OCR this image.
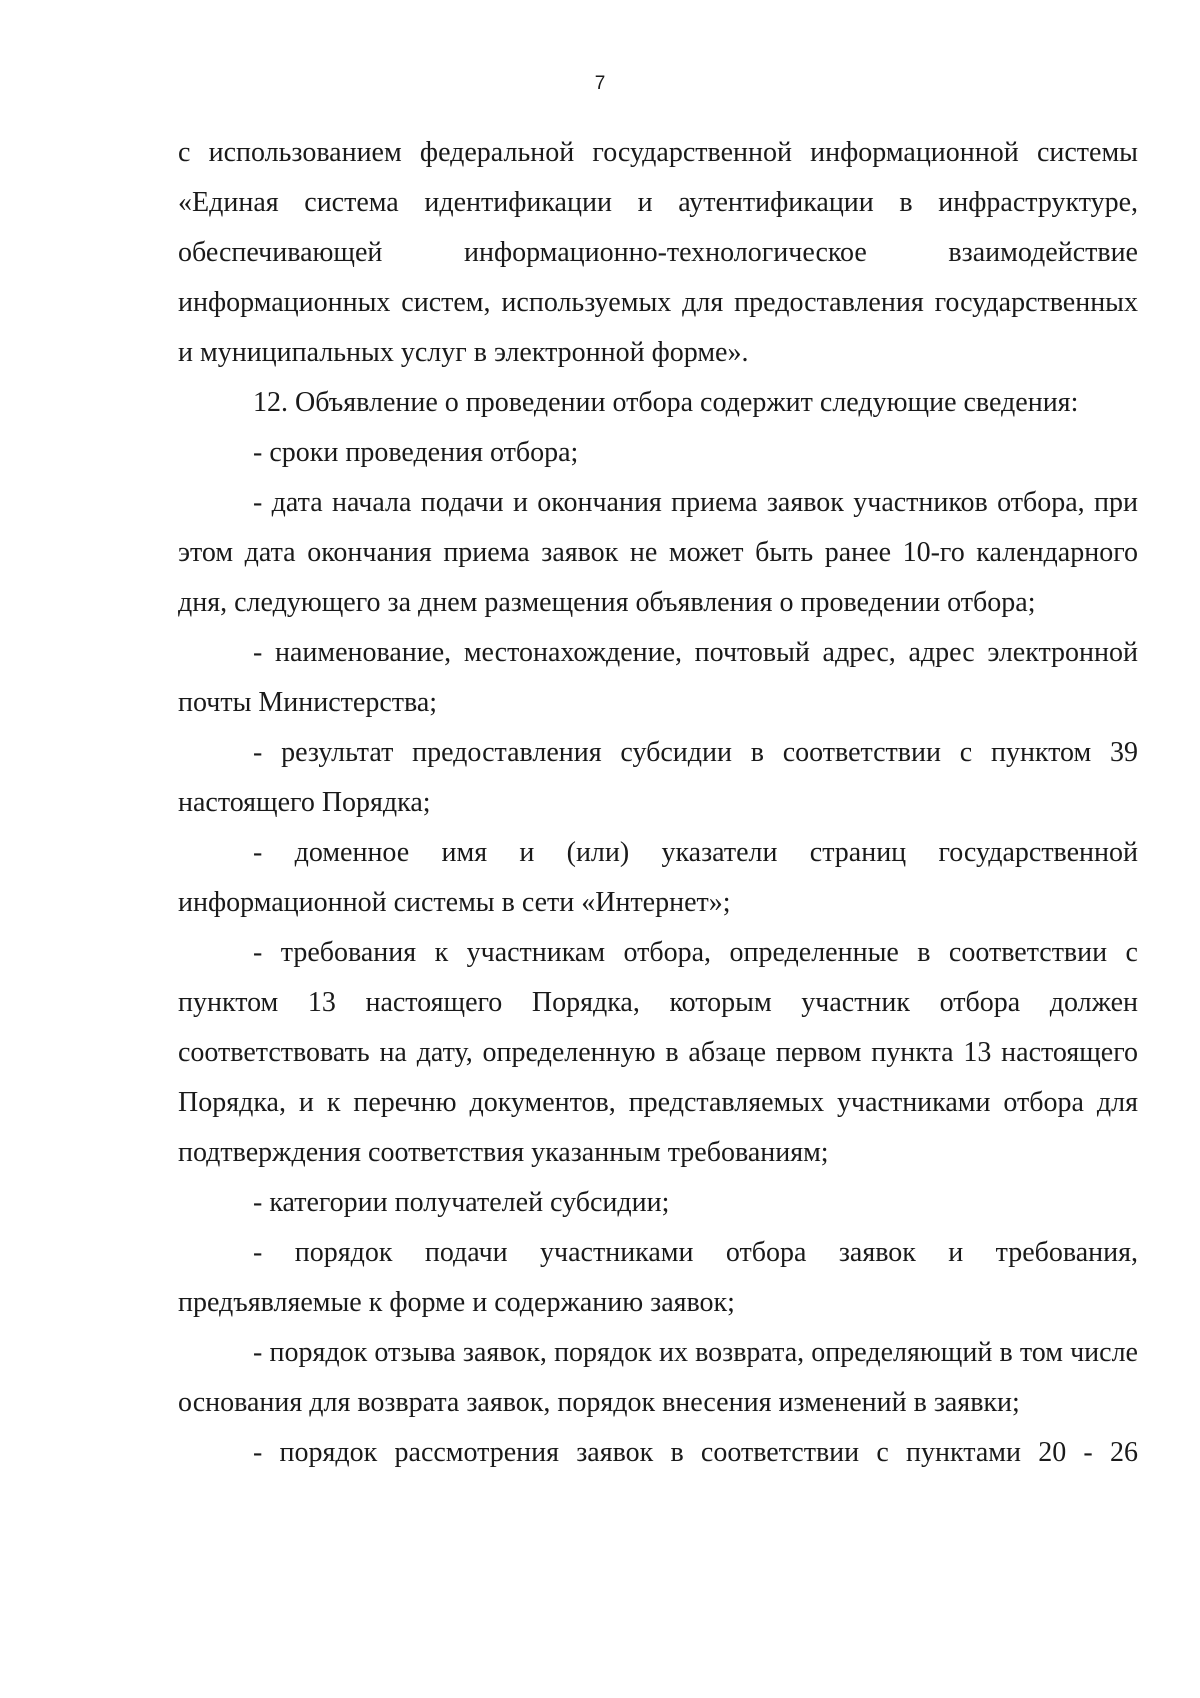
7

с использованием федеральной государственной информационной системы «Единая система идентификации и аутентификации в инфраструктуре, обеспечивающей информационно-технологическое взаимодействие информационных систем, используемых для предоставления государственных и муниципальных услуг в электронной форме».

12. Объявление о проведении отбора содержит следующие сведения:

- сроки проведения отбора;

- дата начала подачи и окончания приема заявок участников отбора, при этом дата окончания приема заявок не может быть ранее 10-го календарного дня, следующего за днем размещения объявления о проведении отбора;

- наименование, местонахождение, почтовый адрес, адрес электронной почты Министерства;

- результат предоставления субсидии в соответствии с пунктом 39 настоящего Порядка;

- доменное имя и (или) указатели страниц государственной информационной системы в сети «Интернет»;

- требования к участникам отбора, определенные в соответствии с пунктом 13 настоящего Порядка, которым участник отбора должен соответствовать на дату, определенную в абзаце первом пункта 13 настоящего Порядка, и к перечню документов, представляемых участниками отбора для подтверждения соответствия указанным требованиям;

- категории получателей субсидии;

- порядок подачи участниками отбора заявок и требования, предъявляемые к форме и содержанию заявок;

- порядок отзыва заявок, порядок их возврата, определяющий в том числе основания для возврата заявок, порядок внесения изменений в заявки;

- порядок рассмотрения заявок в соответствии с пунктами 20 - 26
